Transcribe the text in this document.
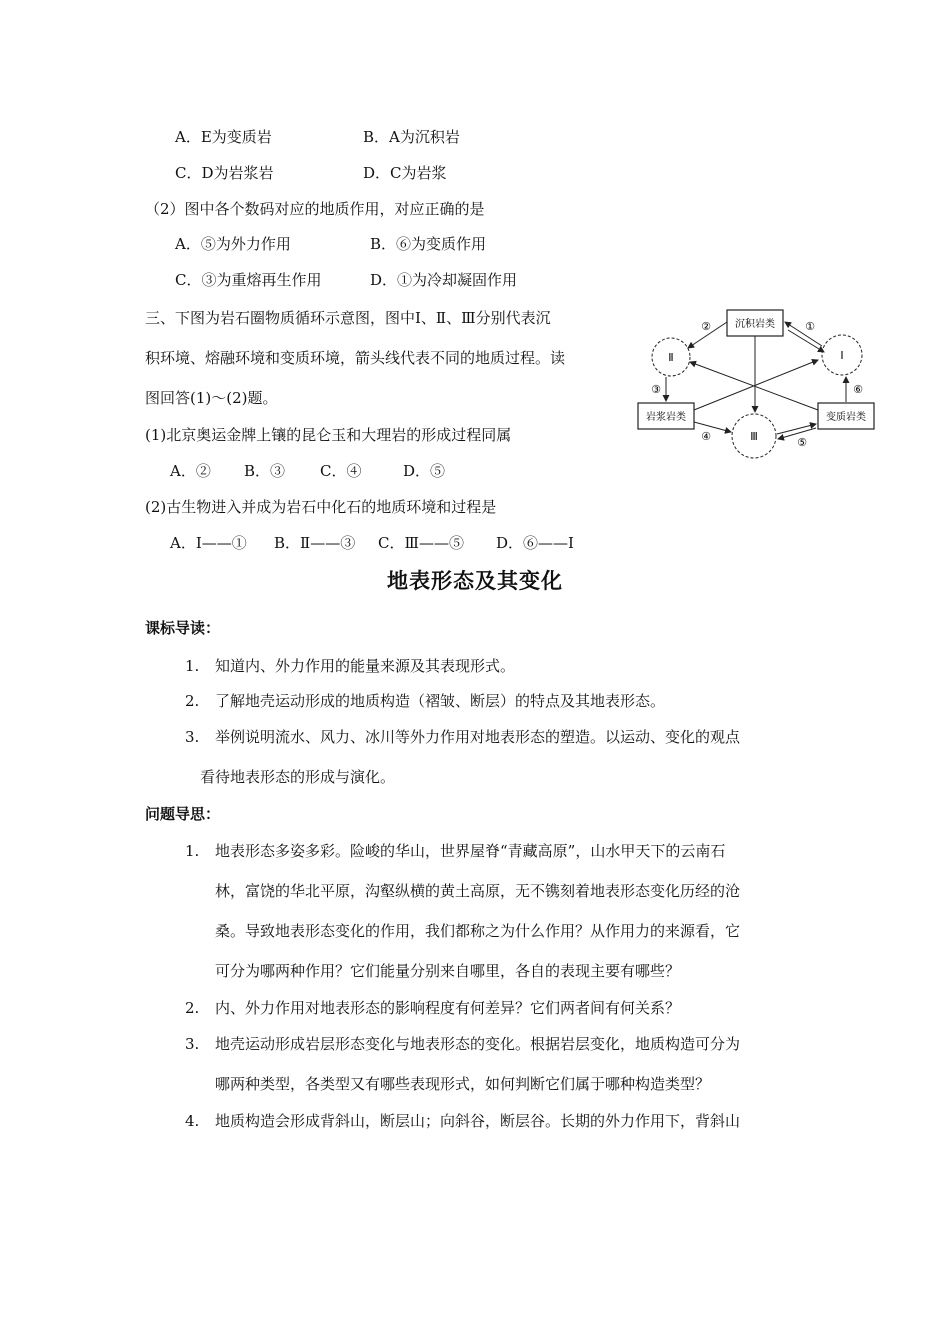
A．E为变质岩	B．A为沉积岩
C．D为岩浆岩	D．C为岩浆
（2）图中各个数码对应的地质作用，对应正确的是
A．⑤为外力作用	B．⑥为变质作用
C．③为重熔再生作用	D．①为冷却凝固作用
三、下图为岩石圈物质循环示意图，图中Ⅰ、Ⅱ、Ⅲ分别代表沉
积环境、熔融环境和变质环境，箭头线代表不同的地质过程。读
图回答(1)～(2)题。
(1)北京奥运金牌上镶的昆仑玉和大理岩的形成过程同属
A．② B．③ C．④	D．⑤
(2)古生物进入并成为岩石中化石的地质环境和过程是
A．Ⅰ——① B．Ⅱ——③ C．Ⅲ——⑤ D．⑥——Ⅰ
沉积岩类
岩浆岩类	变质岩类
Ⅱ	Ⅰ
Ⅲ
②	①
③	⑥
④	⑤
地表形态及其变化
课标导读：
1. 知道内、外力作用的能量来源及其表现形式。
2. 了解地壳运动形成的地质构造（褶皱、断层）的特点及其地表形态。
3. 举例说明流水、风力、冰川等外力作用对地表形态的塑造。以运动、变化的观点
看待地表形态的形成与演化。
问题导思：
1. 地表形态多姿多彩。险峻的华山，世界屋脊“青藏高原”，山水甲天下的云南石
林，富饶的华北平原，沟壑纵横的黄土高原，无不镌刻着地表形态变化历经的沧
桑。导致地表形态变化的作用，我们都称之为什么作用？从作用力的来源看，它
可分为哪两种作用？它们能量分别来自哪里，各自的表现主要有哪些？
2. 内、外力作用对地表形态的影响程度有何差异？它们两者间有何关系？
3. 地壳运动形成岩层形态变化与地表形态的变化。根据岩层变化，地质构造可分为
哪两种类型，各类型又有哪些表现形式，如何判断它们属于哪种构造类型？
4. 地质构造会形成背斜山，断层山；向斜谷，断层谷。长期的外力作用下，背斜山
